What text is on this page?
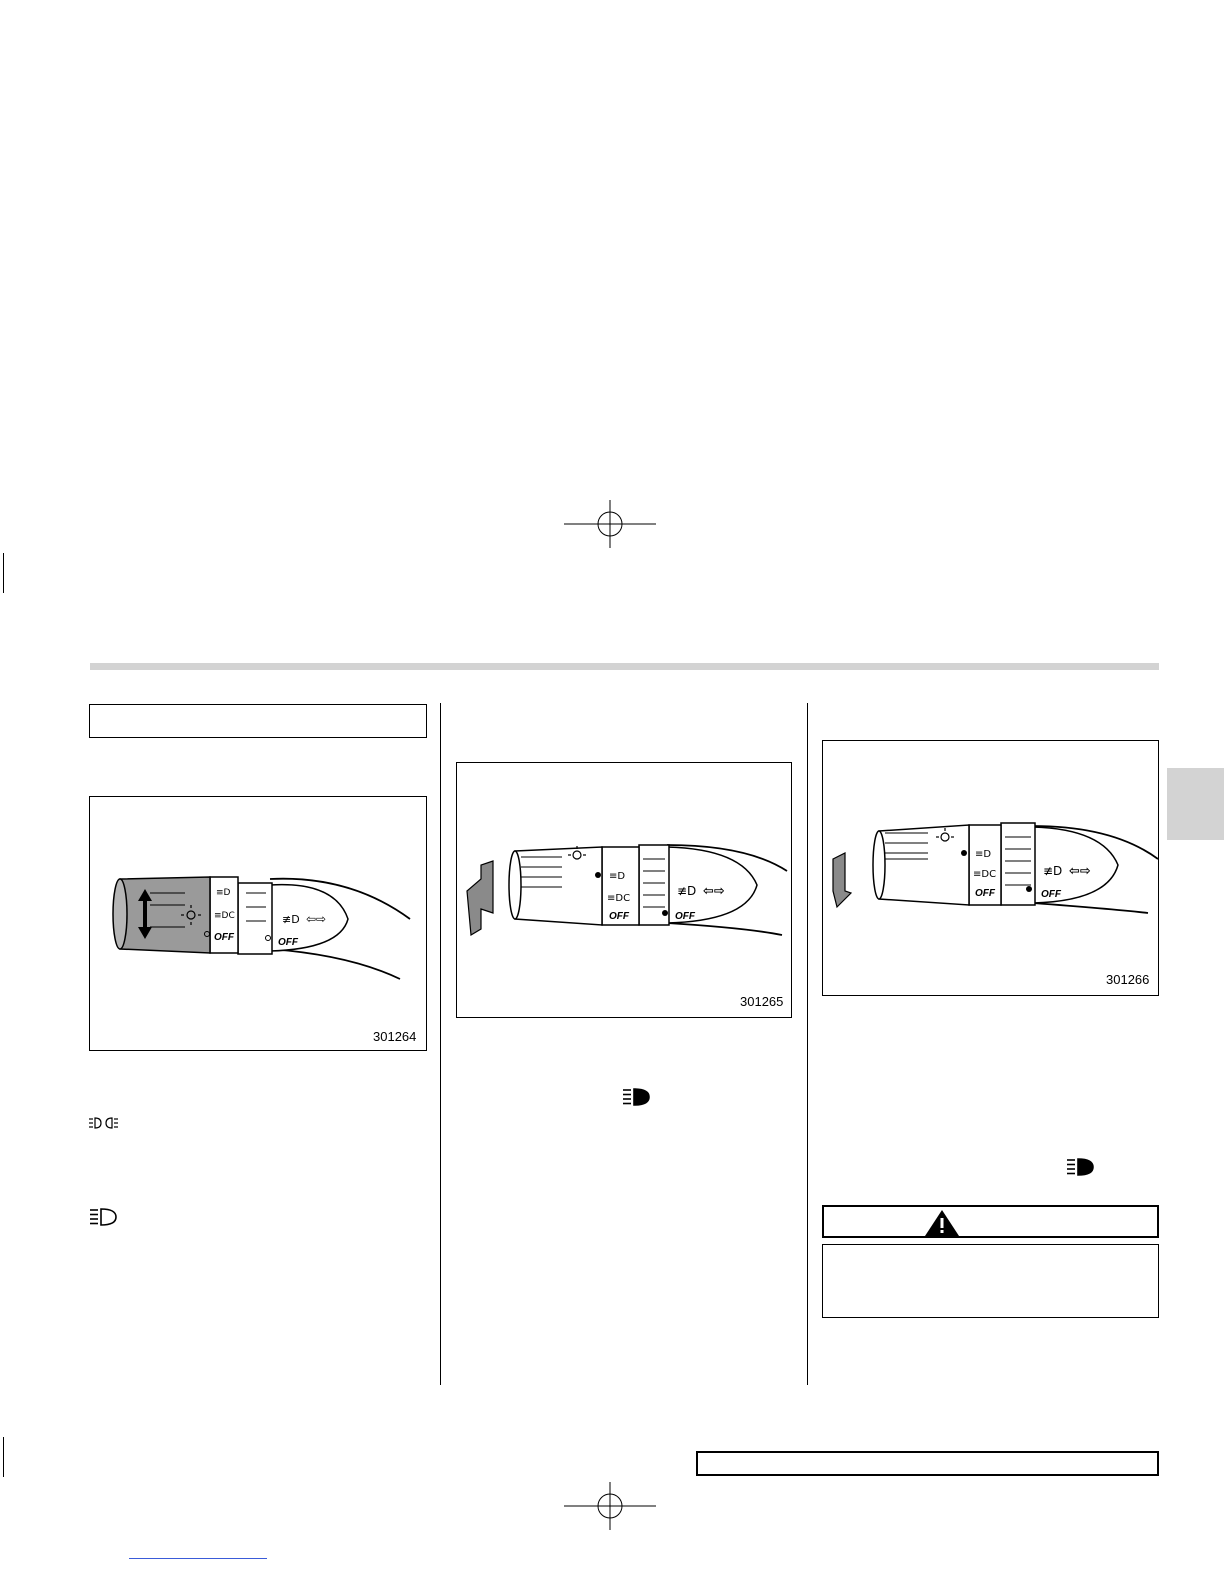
≡D
≡DC
OFF
≢D ⇦⇨
OFF
301264
≡D
≡DC
OFF
≢D ⇦⇨
OFF
301265
≡D
≡DC
OFF
≢D ⇦⇨
OFF
301266
